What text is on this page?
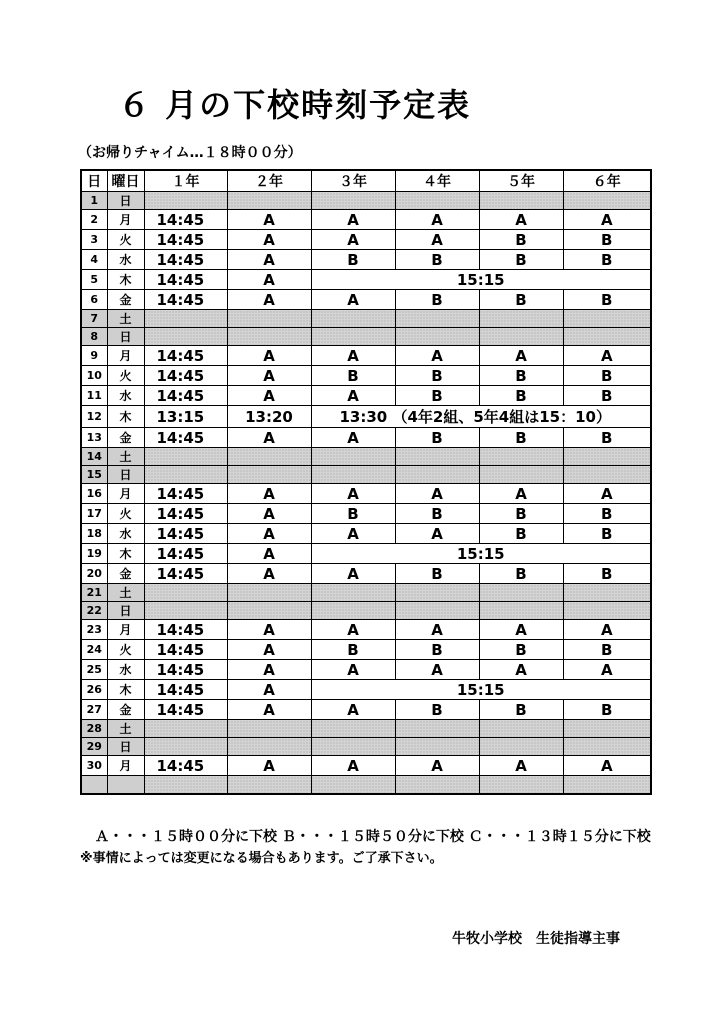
６ 月の下校時刻予定表
（お帰りチャイム…１８時００分）
日	曜日	１年	２年	３年	４年	５年	６年
1	日						
2	月	14:45	A	A	A	A	A
3	火	14:45	A	A	A	B	B
4	水	14:45	A	B	B	B	B
5	木	14:45	A	15:15			
6	金	14:45	A	A	B	B	B
7	土						
8	日						
9	月	14:45	A	A	A	A	A
10	火	14:45	A	B	B	B	B
11	水	14:45	A	A	B	B	B
12	木	13:15	13:20	13:30 （4年2組、5年4組は15：10）			
13	金	14:45	A	A	B	B	B
14	土						
15	日						
16	月	14:45	A	A	A	A	A
17	火	14:45	A	B	B	B	B
18	水	14:45	A	A	A	B	B
19	木	14:45	A	15:15			
20	金	14:45	A	A	B	B	B
21	土						
22	日						
23	月	14:45	A	A	A	A	A
24	火	14:45	A	B	B	B	B
25	水	14:45	A	A	A	A	A
26	木	14:45	A	15:15			
27	金	14:45	A	A	B	B	B
28	土						
29	日						
30	月	14:45	A	A	A	A	A

Ａ・・・１５時００分に下校 Ｂ・・・１５時５０分に下校 Ｃ・・・１３時１５分に下校
※事情によっては変更になる場合もあります。ご了承下さい。
牛牧小学校　 生徒指導主事
